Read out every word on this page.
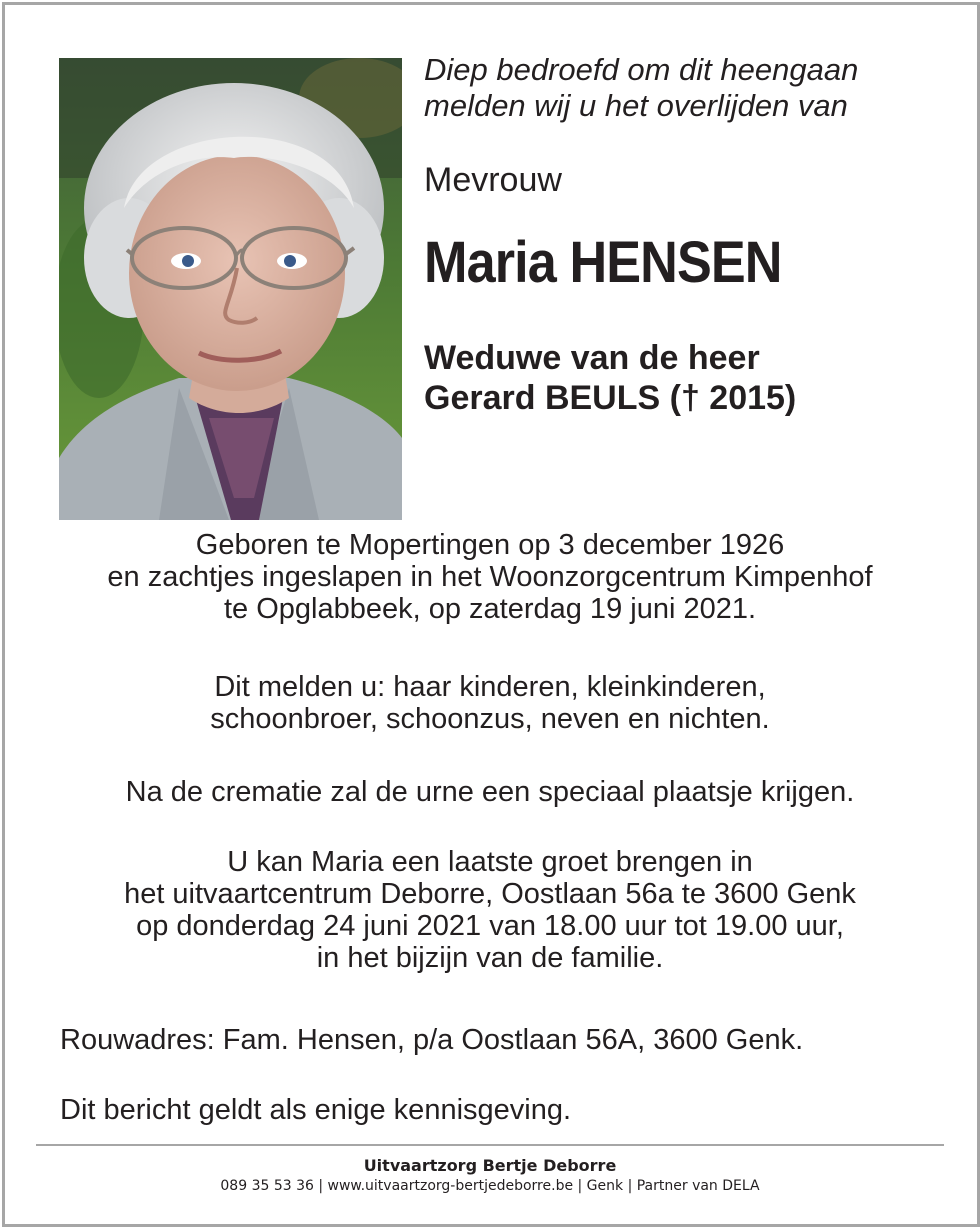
Diep bedroefd om dit heengaan
melden wij u het overlijden van
Mevrouw
Maria HENSEN
Weduwe van de heer
Gerard BEULS († 2015)
Geboren te Mopertingen op 3 december 1926
en zachtjes ingeslapen in het Woonzorgcentrum Kimpenhof
te Opglabbeek, op zaterdag 19 juni 2021.
Dit melden u: haar kinderen, kleinkinderen,
schoonbroer, schoonzus, neven en nichten.
Na de crematie zal de urne een speciaal plaatsje krijgen.
U kan Maria een laatste groet brengen in
het uitvaartcentrum Deborre, Oostlaan 56a te 3600 Genk
op donderdag 24 juni 2021 van 18.00 uur tot 19.00 uur,
in het bijzijn van de familie.
Rouwadres: Fam. Hensen, p/a Oostlaan 56A, 3600 Genk.
Dit bericht geldt als enige kennisgeving.
Uitvaartzorg Bertje Deborre
089 35 53 36 | www.uitvaartzorg-bertjedeborre.be | Genk | Partner van DELA
